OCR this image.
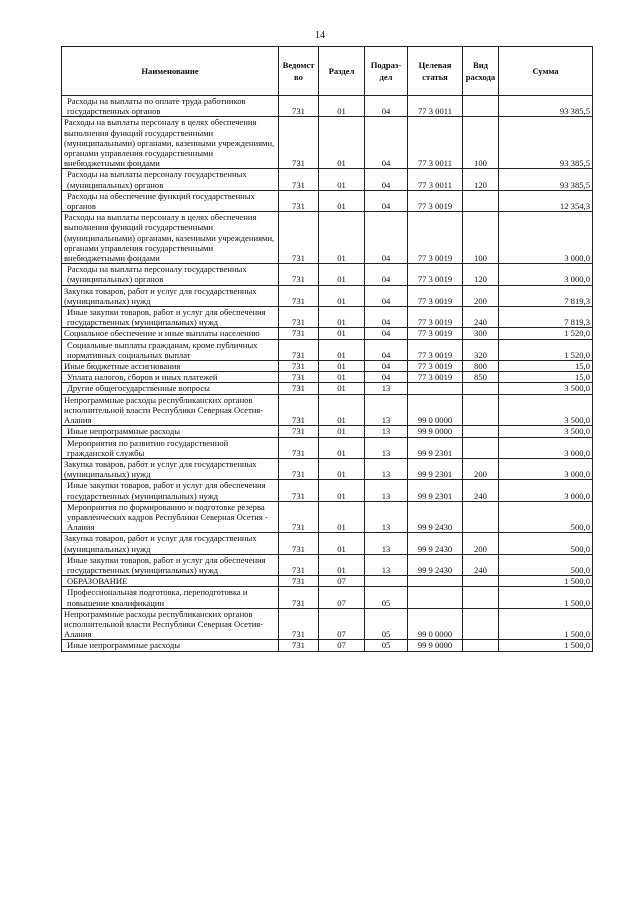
14
Наименование	Ведомст во	Раздел	Подраз-дел	Целевая статья	Вид расхода	Сумма
Расходы на выплаты по оплате труда работников государственных органов	731	01	04	77 3 0011		93 385,5
Расходы на выплаты персоналу в целях обеспечения выполнения функций государственными (муниципальными) органами, казенными учреждениями, органами управления государственными внебюджетными фондами	731	01	04	77 3 0011	100	93 385,5
Расходы на выплаты персоналу государственных (муниципальных) органов	731	01	04	77 3 0011	120	93 385,5
Расходы на обеспечение функций государственных органов	731	01	04	77 3 0019		12 354,3
Расходы на выплаты персоналу в целях обеспечения выполнения функций государственными (муниципальными) органами, казенными учреждениями, органами управления государственными внебюджетными фондами	731	01	04	77 3 0019	100	3 000,0
Расходы на выплаты персоналу государственных (муниципальных) органов	731	01	04	77 3 0019	120	3 000,0
Закупка товаров, работ и услуг для государственных (муниципальных) нужд	731	01	04	77 3 0019	200	7 819,3
Иные закупки товаров, работ и услуг для обеспечения государственных (муниципальных) нужд	731	01	04	77 3 0019	240	7 819,3
Социальное обеспечение и иные выплаты населению	731	01	04	77 3 0019	300	1 520,0
Социальные выплаты гражданам, кроме публичных нормативных социальных выплат	731	01	04	77 3 0019	320	1 520,0
Иные бюджетные ассигнования	731	01	04	77 3 0019	800	15,0
Уплата налогов, сборов и иных платежей	731	01	04	77 3 0019	850	15,0
Другие общегосударственные вопросы	731	01	13			3 500,0
Непрограммные расходы республиканских органов исполнительной власти Республики Северная Осетия-Алания	731	01	13	99 0 0000		3 500,0
Иные непрограммные расходы	731	01	13	99 9 0000		3 500,0
Мероприятия по развитию государственной гражданской службы	731	01	13	99 9 2301		3 000,0
Закупка товаров, работ и услуг для государственных (муниципальных) нужд	731	01	13	99 9 2301	200	3 000,0
Иные закупки товаров, работ и услуг для обеспечения государственных (муниципальных) нужд	731	01	13	99 9 2301	240	3 000,0
Мероприятия по формированию и подготовке резерва управленческих кадров Республики Северная Осетия - Алания	731	01	13	99 9 2430		500,0
Закупка товаров, работ и услуг для государственных (муниципальных) нужд	731	01	13	99 9 2430	200	500,0
Иные закупки товаров, работ и услуг для обеспечения государственных (муниципальных) нужд	731	01	13	99 9 2430	240	500,0
ОБРАЗОВАНИЕ	731	07				1 500,0
Профессиональная подготовка, переподготовка и повышение квалификации	731	07	05			1 500,0
Непрограммные расходы республиканских органов исполнительной власти Республики Северная Осетия-Алания	731	07	05	99 0 0000		1 500,0
Иные непрограммные расходы	731	07	05	99 9 0000		1 500,0
